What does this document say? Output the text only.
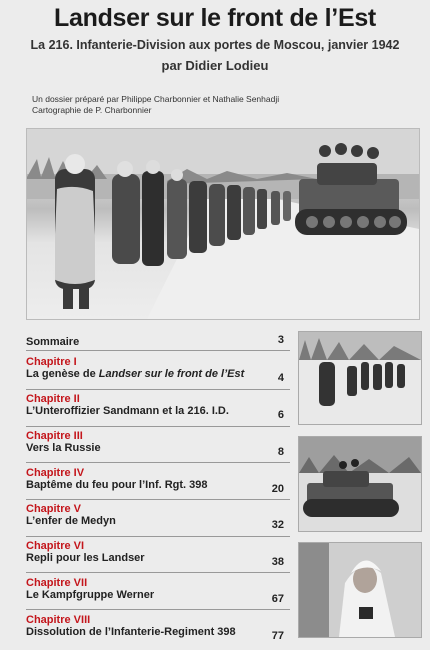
Landser sur le front de l’Est
La 216. Infanterie-Division aux portes de Moscou, janvier 1942
par Didier Lodieu
Un dossier préparé par Philippe Charbonnier et Nathalie Senhadji
Cartographie de P. Charbonnier
Sommaire	3
Chapitre I
La genèse de Landser sur le front de l’Est	4
Chapitre II
L’Unteroffizier Sandmann et la 216. I.D.	6
Chapitre III
Vers la Russie	8
Chapitre IV
Baptême du feu pour l’Inf. Rgt. 398	20
Chapitre V
L’enfer de Medyn	32
Chapitre VI
Repli pour les Landser	38
Chapitre VII
Le Kampfgruppe Werner	67
Chapitre VIII
Dissolution de l’Infanterie-Regiment 398	77
